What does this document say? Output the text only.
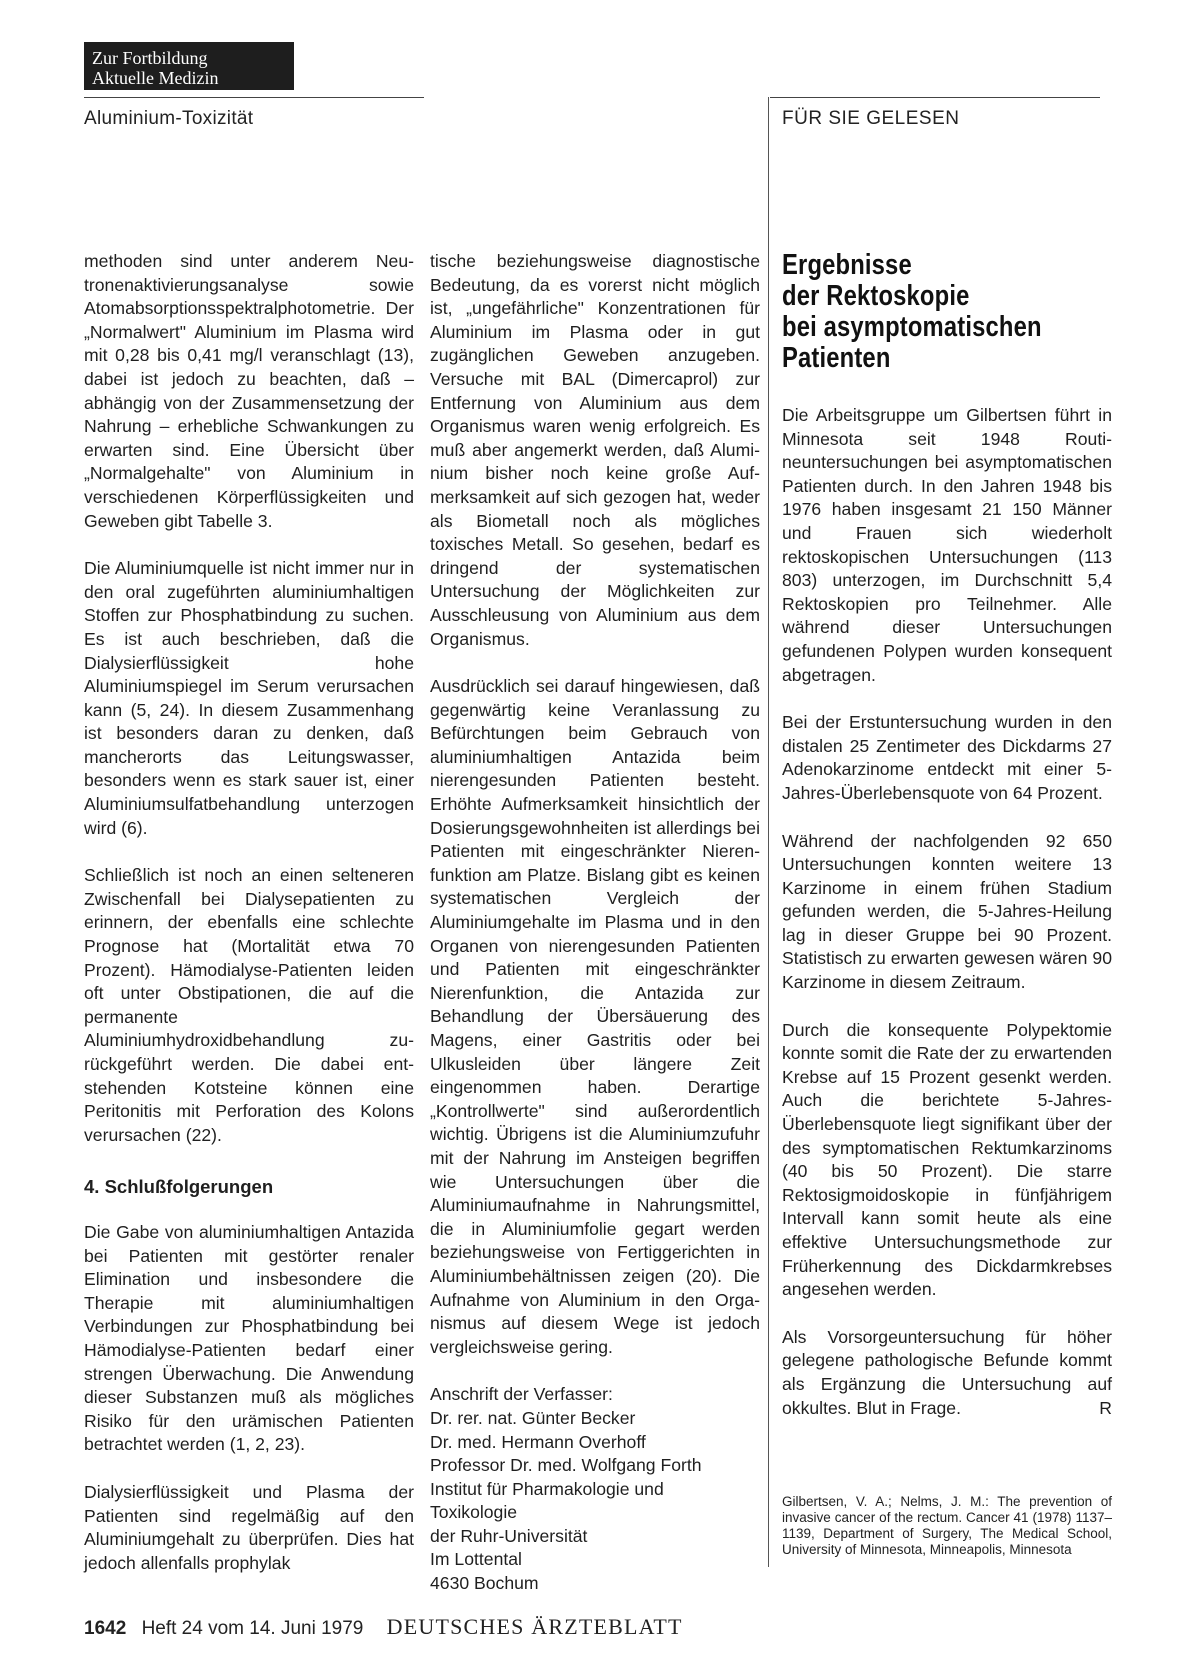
Zur Fortbildung
Aktuelle Medizin
Aluminium-Toxizität	FÜR SIE GELESEN

methoden sind unter anderem Neutronenaktivierungsanalyse sowie Atomabsorptionsspektralphotometrie. Der „Normalwert" Aluminium im Plasma wird mit 0,28 bis 0,41 mg/l veranschlagt (13), dabei ist jedoch zu beachten, daß – abhängig von der Zusammensetzung der Nahrung – erhebliche Schwankungen zu erwarten sind. Eine Übersicht über „Normalgehalte" von Aluminium in verschiedenen Körperflüssigkeiten und Geweben gibt Tabelle 3.

Die Aluminiumquelle ist nicht immer nur in den oral zugeführten aluminiumhaltigen Stoffen zur Phosphatbindung zu suchen. Es ist auch beschrieben, daß die Dialysierflüssigkeit hohe Aluminiumspiegel im Serum verursachen kann (5, 24). In diesem Zusammenhang ist besonders daran zu denken, daß mancherorts das Leitungswasser, besonders wenn es stark sauer ist, einer Aluminiumsulfatbehandlung unterzogen wird (6).

Schließlich ist noch an einen selteneren Zwischenfall bei Dialysepatienten zu erinnern, der ebenfalls eine schlechte Prognose hat (Mortalität etwa 70 Prozent). Hämodialyse-Patienten leiden oft unter Obstipationen, die auf die permanente Aluminiumhydroxidbehandlung zurückgeführt werden. Die dabei entstehenden Kotsteine können eine Peritonitis mit Perforation des Kolons verursachen (22).

4. Schlußfolgerungen

Die Gabe von aluminiumhaltigen Antazida bei Patienten mit gestörter renaler Elimination und insbesondere die Therapie mit aluminiumhaltigen Verbindungen zur Phosphatbindung bei Hämodialyse-Patienten bedarf einer strengen Überwachung. Die Anwendung dieser Substanzen muß als mögliches Risiko für den urämischen Patienten betrachtet werden (1, 2, 23).

Dialysierflüssigkeit und Plasma der Patienten sind regelmäßig auf den Aluminiumgehalt zu überprüfen. Dies hat jedoch allenfalls prophylak

tische beziehungsweise diagnostische Bedeutung, da es vorerst nicht möglich ist, „ungefährliche" Konzentrationen für Aluminium im Plasma oder in gut zugänglichen Geweben anzugeben. Versuche mit BAL (Dimercaprol) zur Entfernung von Aluminium aus dem Organismus waren wenig erfolgreich. Es muß aber angemerkt werden, daß Aluminium bisher noch keine große Aufmerksamkeit auf sich gezogen hat, weder als Biometall noch als mögliches toxisches Metall. So gesehen, bedarf es dringend der systematischen Untersuchung der Möglichkeiten zur Ausschleusung von Aluminium aus dem Organismus.

Ausdrücklich sei darauf hingewiesen, daß gegenwärtig keine Veranlassung zu Befürchtungen beim Gebrauch von aluminiumhaltigen Antazida beim nierengesunden Patienten besteht. Erhöhte Aufmerksamkeit hinsichtlich der Dosierungsgewohnheiten ist allerdings bei Patienten mit eingeschränkter Nierenfunktion am Platze. Bislang gibt es keinen systematischen Vergleich der Aluminiumgehalte im Plasma und in den Organen von nierengesunden Patienten und Patienten mit eingeschränkter Nierenfunktion, die Antazida zur Behandlung der Übersäuerung des Magens, einer Gastritis oder bei Ulkusleiden über längere Zeit eingenommen haben. Derartige „Kontrollwerte" sind außerordentlich wichtig. Übrigens ist die Aluminiumzufuhr mit der Nahrung im Ansteigen begriffen wie Untersuchungen über die Aluminiumaufnahme in Nahrungsmittel, die in Aluminiumfolie gegart werden beziehungsweise von Fertiggerichten in Aluminiumbehältnissen zeigen (20). Die Aufnahme von Aluminium in den Organismus auf diesem Wege ist jedoch vergleichsweise gering.

Anschrift der Verfasser:
Dr. rer. nat. Günter Becker
Dr. med. Hermann Overhoff
Professor Dr. med. Wolfgang Forth
Institut für Pharmakologie und
Toxikologie
der Ruhr-Universität
Im Lottental
4630 Bochum
Ergebnisse
der Rektoskopie
bei asymptomatischen
Patienten

Die Arbeitsgruppe um Gilbertsen führt in Minnesota seit 1948 Routineuntersuchungen bei asymptomatischen Patienten durch. In den Jahren 1948 bis 1976 haben insgesamt 21 150 Männer und Frauen sich wiederholt rektoskopischen Untersuchungen (113 803) unterzogen, im Durchschnitt 5,4 Rektoskopien pro Teilnehmer. Alle während dieser Untersuchungen gefundenen Polypen wurden konsequent abgetragen.

Bei der Erstuntersuchung wurden in den distalen 25 Zentimeter des Dickdarms 27 Adenokarzinome entdeckt mit einer 5-Jahres-Überlebensquote von 64 Prozent.

Während der nachfolgenden 92 650 Untersuchungen konnten weitere 13 Karzinome in einem frühen Stadium gefunden werden, die 5-Jahres-Heilung lag in dieser Gruppe bei 90 Prozent. Statistisch zu erwarten gewesen wären 90 Karzinome in diesem Zeitraum.

Durch die konsequente Polypektomie konnte somit die Rate der zu erwartenden Krebse auf 15 Prozent gesenkt werden. Auch die berichtete 5-Jahres-Überlebensquote liegt signifikant über der des symptomatischen Rektumkarzinoms (40 bis 50 Prozent). Die starre Rektosigmoidoskopie in fünfjährigem Intervall kann somit heute als eine effektive Untersuchungsmethode zur Früherkennung des Dickdarmkrebses angesehen werden.

Als Vorsorgeuntersuchung für höher gelegene pathologische Befunde kommt als Ergänzung die Untersuchung auf okkultes. Blut in Frage.	R

Gilbertsen, V. A.; Nelms, J. M.: The prevention of invasive cancer of the rectum. Cancer 41 (1978) 1137–1139, Department of Surgery, The Medical School, University of Minnesota, Minneapolis, Minnesota
1642 Heft 24 vom 14. Juni 1979 DEUTSCHES ÄRZTEBLATT
